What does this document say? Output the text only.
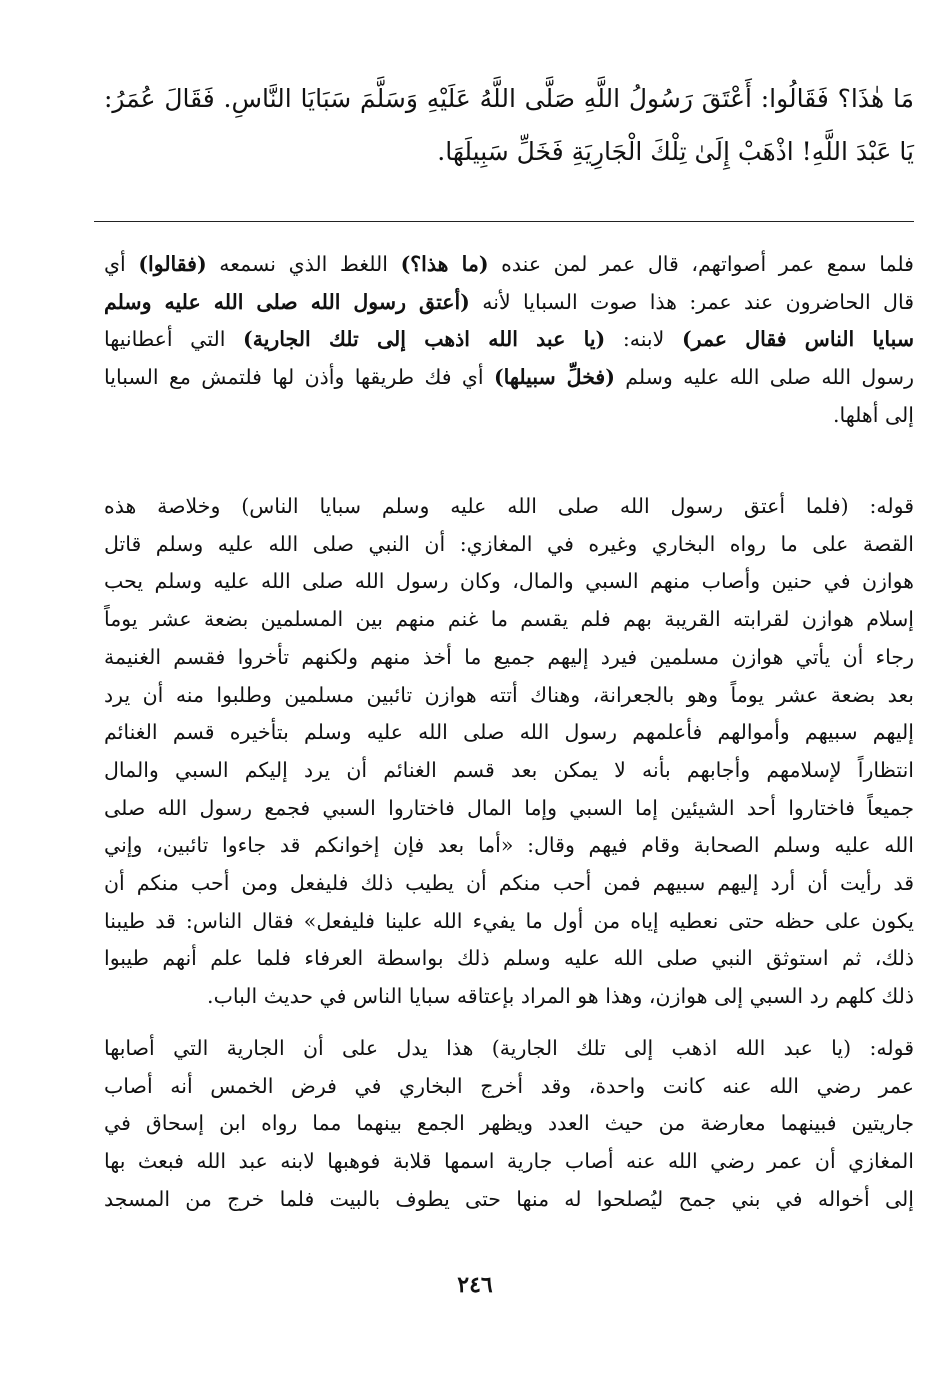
مَا هٰذَا؟ فَقَالُوا: أَعْتَقَ رَسُولُ اللَّهِ صَلَّى اللَّهُ عَلَيْهِ وَسَلَّمَ سَبَايَا النَّاسِ. فَقَالَ عُمَرُ:
يَا عَبْدَ اللَّهِ! اذْهَبْ إِلَىٰ تِلْكَ الْجَارِيَةِ فَخَلِّ سَبِيلَهَا.
فلما سمع عمر أصواتهم، قال عمر لمن عنده (ما هذا؟) اللغط الذي نسمعه (فقالوا) أي
قال الحاضرون عند عمر: هذا صوت السبايا لأنه (أعتق رسول الله صلى الله عليه وسلم
سبايا الناس فقال عمر) لابنه: (يا عبد الله اذهب إلى تلك الجارية) التي أعطانيها
رسول الله صلى الله عليه وسلم (فخلِّ سبيلها) أي فك طريقها وأذن لها فلتمش مع السبايا
إلى أهلها.
قوله: (فلما أعتق رسول الله صلى الله عليه وسلم سبايا الناس) وخلاصة هذه
القصة على ما رواه البخاري وغيره في المغازي: أن النبي صلى الله عليه وسلم قاتل
هوازن في حنين وأصاب منهم السبي والمال، وكان رسول الله صلى الله عليه وسلم يحب
إسلام هوازن لقرابته القريبة بهم فلم يقسم ما غنم منهم بين المسلمين بضعة عشر يوماً
رجاء أن يأتي هوازن مسلمين فيرد إليهم جميع ما أخذ منهم ولكنهم تأخروا فقسم الغنيمة
بعد بضعة عشر يوماً وهو بالجعرانة، وهناك أتته هوازن تائبين مسلمين وطلبوا منه أن يرد
إليهم سبيهم وأموالهم فأعلمهم رسول الله صلى الله عليه وسلم بتأخيره قسم الغنائم
انتظاراً لإسلامهم وأجابهم بأنه لا يمكن بعد قسم الغنائم أن يرد إليكم السبي والمال
جميعاً فاختاروا أحد الشيئين إما السبي وإما المال فاختاروا السبي فجمع رسول الله صلى
الله عليه وسلم الصحابة وقام فيهم وقال: «أما بعد فإن إخوانكم قد جاءوا تائبين، وإني
قد رأيت أن أرد إليهم سبيهم فمن أحب منكم أن يطيب ذلك فليفعل ومن أحب منكم أن
يكون على حظه حتى نعطيه إياه من أول ما يفيء الله علينا فليفعل» فقال الناس: قد طيبنا
ذلك، ثم استوثق النبي صلى الله عليه وسلم ذلك بواسطة العرفاء فلما علم أنهم طيبوا
ذلك كلهم رد السبي إلى هوازن، وهذا هو المراد بإعتاقه سبايا الناس في حديث الباب.
قوله: (يا عبد الله اذهب إلى تلك الجارية) هذا يدل على أن الجارية التي أصابها
عمر رضي الله عنه كانت واحدة، وقد أخرج البخاري في فرض الخمس أنه أصاب
جاريتين فبينهما معارضة من حيث العدد ويظهر الجمع بينهما مما رواه ابن إسحاق في
المغازي أن عمر رضي الله عنه أصاب جارية اسمها قلابة فوهبها لابنه عبد الله فبعث بها
إلى أخواله في بني جمح ليُصلحوا له منها حتى يطوف بالبيت فلما خرج من المسجد
٢٤٦
